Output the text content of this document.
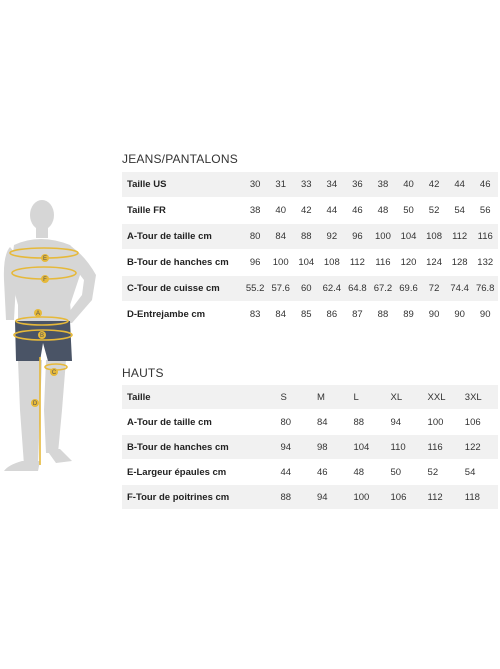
E
F
A
B
C
D
JEANS/PANTALONS
Taille US	30	31	33	34	36	38	40	42	44	46
Taille FR	38	40	42	44	46	48	50	52	54	56
A-Tour de taille cm	80	84	88	92	96	100	104	108	112	116
B-Tour de hanches cm	96	100	104	108	112	116	120	124	128	132
C-Tour de cuisse cm	55.2	57.6	60	62.4	64.8	67.2	69.6	72	74.4	76.8
D-Entrejambe cm	83	84	85	86	87	88	89	90	90	90
HAUTS
Taille	S	M	L	XL	XXL	3XL
A-Tour de taille cm	80	84	88	94	100	106
B-Tour de hanches cm	94	98	104	110	116	122
E-Largeur épaules cm	44	46	48	50	52	54
F-Tour de poitrines cm	88	94	100	106	112	118
